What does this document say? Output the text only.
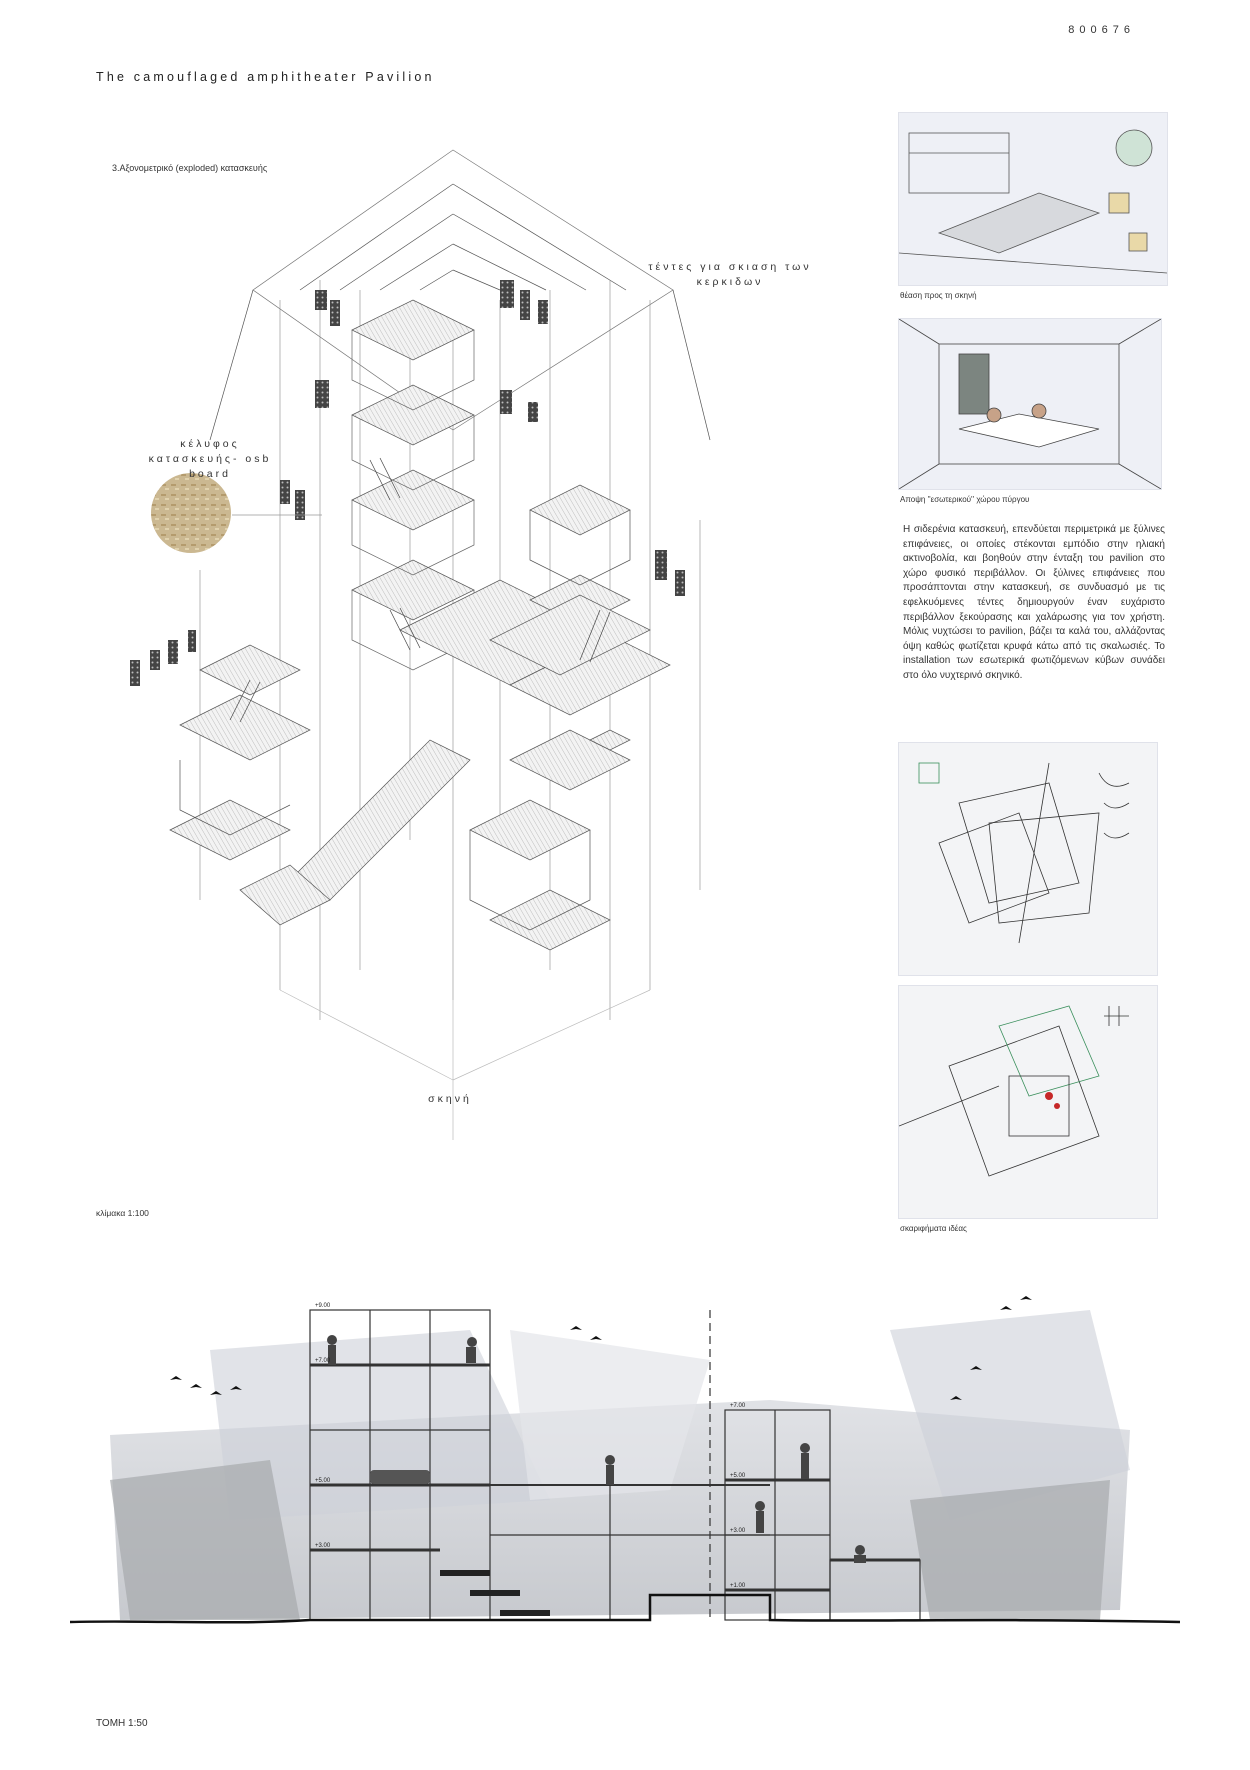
800676
The camouflaged amphitheater Pavilion
3.Αξονομετρικό (exploded) κατασκευής
κέλυφος κατασκευής- osb board
τέντες για σκιαση των κερκιδων
σκηνή
κλίμακα 1:100
θέαση προς τη σκηνή
Αποψη ''εσωτερικού'' χώρου πύργου
Η σιδερένια κατασκευή, επενδύεται περιμετρικά με ξύλινες επιφάνειες, οι οποίες στέκονται εμπόδιο στην ηλιακή ακτινοβολία, και βοηθούν στην ένταξη του pavilion στο χώρο φυσικό περιβάλλον. Οι ξύλινες επιφάνειες που προσάπτονται στην κατασκευή, σε συνδυασμό με τις εφελκυόμενες τέντες δημιουργούν έναν ευχάριστο περιβάλλον ξεκούρασης και χαλάρωσης για τον χρήστη. Μόλις νυχτώσει το pavilion, βάζει τα καλά του, αλλάζοντας όψη καθώς φωτίζεται κρυφά κάτω από τις σκαλωσιές. Το installation των εσωτερικά φωτιζόμενων κύβων συνάδει στο όλο νυχτερινό σκηνικό.
σκαριφήματα ιδέας
+9.00
+7.00
+5.00
+3.00
+7.00
+5.00
+3.00
+1.00
ΤΟΜΗ 1:50
